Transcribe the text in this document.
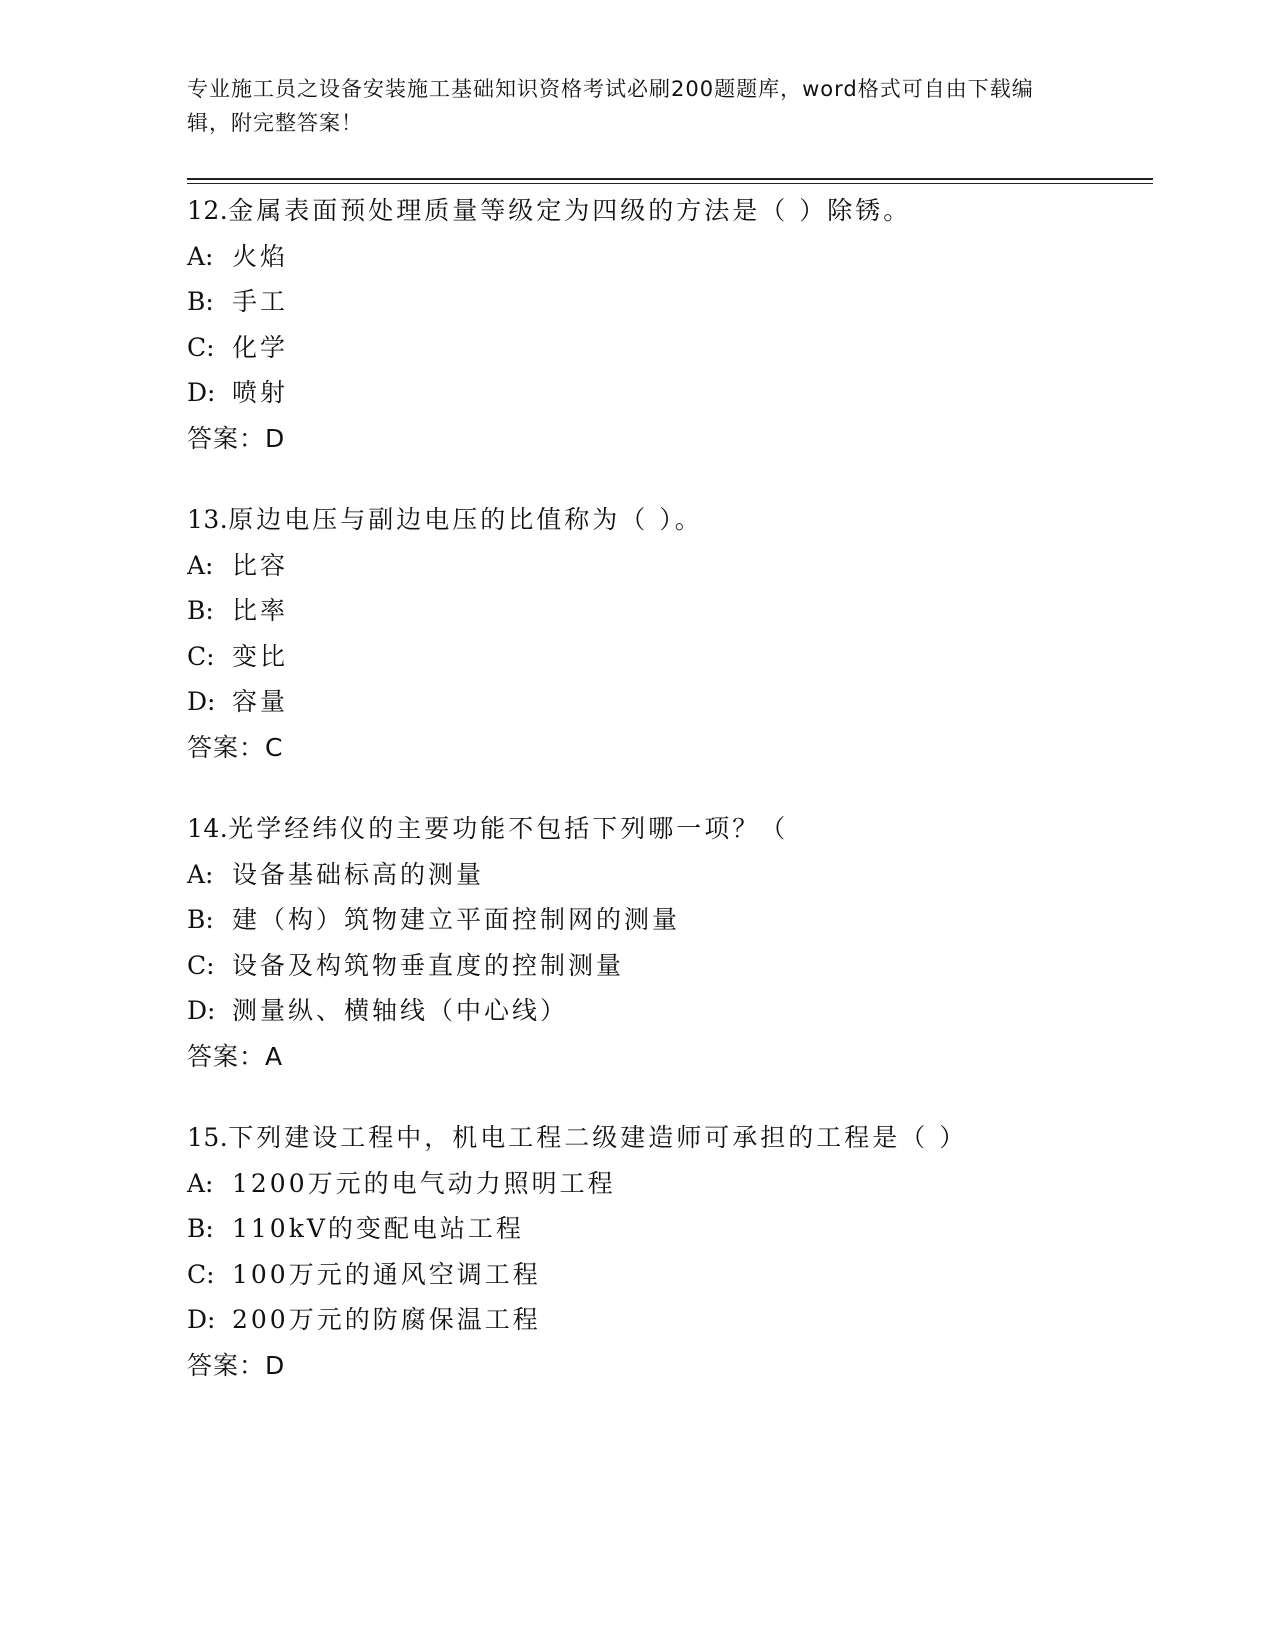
专业施工员之设备安装施工基础知识资格考试必刷200题题库，word格式可自由下载编辑，附完整答案！
12.金属表面预处理质量等级定为四级的方法是（ ）除锈。
A: 火焰
B: 手工
C: 化学
D: 喷射
答案：D
13.原边电压与副边电压的比值称为（ ）。
A: 比容
B: 比率
C: 变比
D: 容量
答案：C
14.光学经纬仪的主要功能不包括下列哪一项？（
A: 设备基础标高的测量
B: 建（构）筑物建立平面控制网的测量
C: 设备及构筑物垂直度的控制测量
D: 测量纵、横轴线（中心线）
答案：A
15.下列建设工程中，机电工程二级建造师可承担的工程是（ ）
A: 1200万元的电气动力照明工程
B: 110kV的变配电站工程
C: 100万元的通风空调工程
D: 200万元的防腐保温工程
答案：D
